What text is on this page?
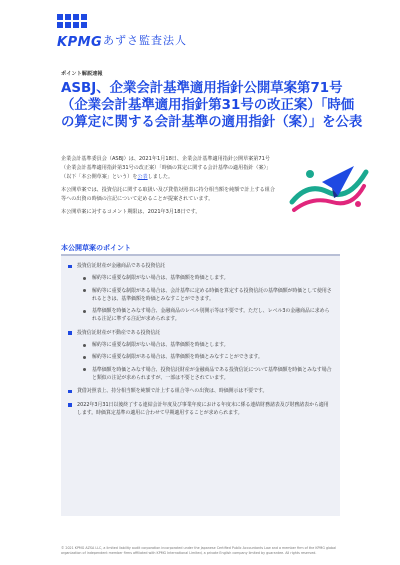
KPMG あずさ監査法人
ポイント解説速報
ASBJ、企業会計基準適用指針公開草案第71号（企業会計基準適用指針第31号の改正案）「時価の算定に関する会計基準の適用指針（案）」を公表

企業会計基準委員会（ASBJ）は、2021年1月18日、企業会計基準適用指針公開草案第71号（企業会計基準適用指針第31号の改正案）「時価の算定に関する会計基準の適用指針（案）」（以下「本公開草案」という）を公表しました。

本公開草案では、投資信託に関する取扱い及び貸借対照表に持分相当額を純額で計上する組合等への出資の時価の注記について定めることが提案されています。

本公開草案に対するコメント期限は、2021年3月18日です。

本公開草案のポイント
投資信託財産が金融商品である投資信託
解約等に重要な制限がない場合は、基準価額を時価とします。
解約等に重要な制限がある場合は、会計基準に定める時価を算定する投資信託の基準価額が時価として使用されるときは、基準価額を時価とみなすことができます。
基準価額を時価とみなす場合、金融商品のレベル別開示等は不要です。ただし、レベル3の金融商品に求められる注記に準ずる注記が求められます。
投資信託財産が不動産である投資信託
解約等に重要な制限がない場合は、基準価額を時価とします。
解約等に重要な制限がある場合は、基準価額を時価とみなすことができます。
基準価額を時価とみなす場合、投資信託財産が金融商品である投資信託について基準価額を時価とみなす場合と類似の注記が求められますが、一部は不要とされています。
貸借対照表上、持分相当額を純額で計上する組合等への出資は、時価開示は不要です。
2022年3月31日以後終了する連結会計年度及び事業年度における年度末に係る連結財務諸表及び財務諸表から適用します。時価算定基準の適用に合わせて早期適用することが求められます。
© 2021 KPMG AZSA LLC, a limited liability audit corporation incorporated under the Japanese Certified Public Accountants Law and a member firm of the KPMG global organization of independent member firms affiliated with KPMG International Limited, a private English company limited by guarantee. All rights reserved.
